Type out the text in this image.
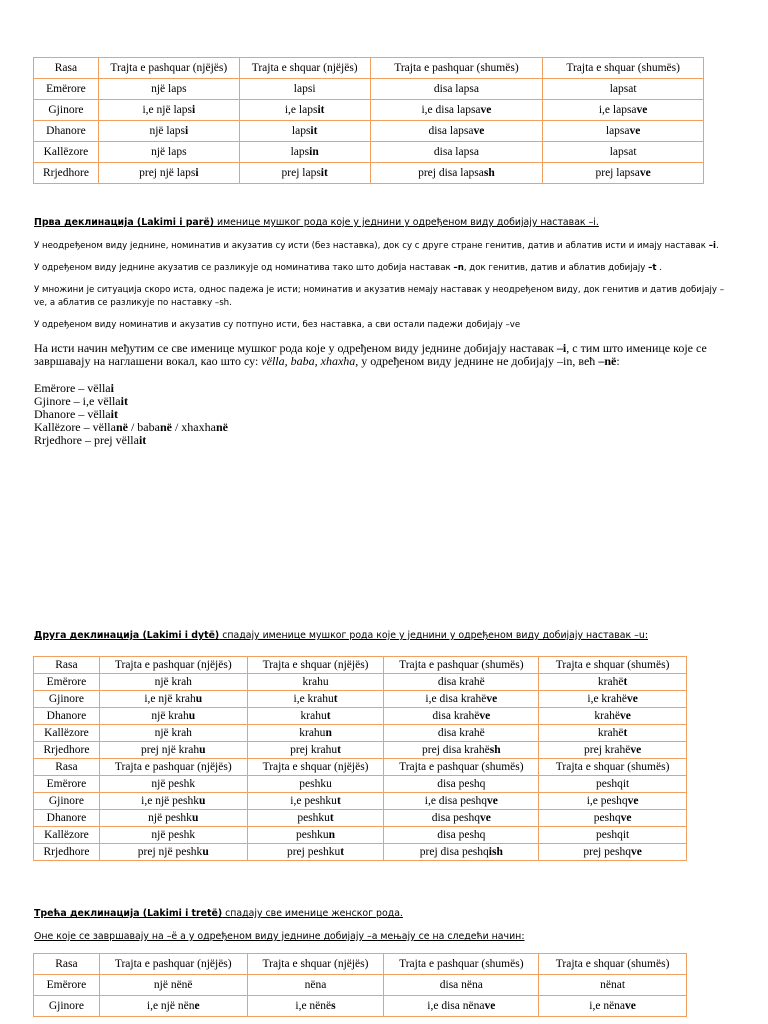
Rasa	Trajta e pashquar (njëjës)	Trajta e shquar (njëjës)	Trajta e pashquar (shumës)	Trajta e shquar (shumës)
Emërore	një laps	lapsi	disa lapsa	lapsat
Gjinore	i,e një lapsi	i,e lapsit	i,e disa lapsave	i,e lapsave
Dhanore	një lapsi	lapsit	disa lapsave	lapsave
Kallëzore	një laps	lapsin	disa lapsa	lapsat
Rrjedhore	prej një lapsi	prej lapsit	prej disa lapsash	prej lapsave
Прва деклинација (Lakimi i parë) именице мушког рода које у једнини у одређеном виду добијају наставак –i.
У неодређеном виду једнине, номинатив и акузатив су исти (без наставка), док су с друге стране генитив, датив и аблатив исти и имају наставак –i.
У одређеном виду једнине акузатив се разликује од номинатива тако што добија наставак –n, док генитив, датив и аблатив добијају –t .
У множини је ситуација скоро иста, однос падежа је исти; номинатив и акузатив немају наставак у неодређеном виду, док генитив и датив добијају –ve, а аблатив се разликује по наставку –sh.
У одређеном виду номинатив и акузатив су потпуно исти, без наставка, а сви остали падежи добијају –ve
На исти начин међутим се све именице мушког рода које у одређеном виду једнине добијају наставак –i, с тим што именице које се завршавају на наглашени вокал, као што су: vëlla, baba, xhaxha, у одређеном виду једнине не добијају –in, већ –në:
Emërore – vëllai
Gjinore – i,e vëllait
Dhanore – vëllait
Kallëzore – vëllanë / babanë / xhaxhanë
Rrjedhore – prej vëllait
Друга деклинација (Lakimi i dytë) спадају именице мушког рода које у једнини у одређеном виду добијају наставак –u:
Rasa	Trajta e pashquar (njëjës)	Trajta e shquar (njëjës)	Trajta e pashquar (shumës)	Trajta e shquar (shumës)
Emërore	një krah	krahu	disa krahë	krahët
Gjinore	i,e një krahu	i,e krahut	i,e disa krahëve	i,e krahëve
Dhanore	një krahu	krahut	disa krahëve	krahëve
Kallëzore	një krah	krahun	disa krahë	krahët
Rrjedhore	prej një krahu	prej krahut	prej disa krahësh	prej krahëve
Rasa	Trajta e pashquar (njëjës)	Trajta e shquar (njëjës)	Trajta e pashquar (shumës)	Trajta e shquar (shumës)
Emërore	një peshk	peshku	disa peshq	peshqit
Gjinore	i,e një peshku	i,e peshkut	i,e disa peshqve	i,e peshqve
Dhanore	një peshku	peshkut	disa peshqve	peshqve
Kallëzore	një peshk	peshkun	disa peshq	peshqit
Rrjedhore	prej një peshku	prej peshkut	prej disa peshqish	prej peshqve
Трећа деклинација (Lakimi i tretë) спадају све именице женског рода.
Оне које се завршавају на –ë а у одређеном виду једнине добијају –a мењају се на следећи начин:
Rasa	Trajta e pashquar (njëjës)	Trajta e shquar (njëjës)	Trajta e pashquar (shumës)	Trajta e shquar (shumës)
Emërore	një nënë	nëna	disa nëna	nënat
Gjinore	i,e një nëne	i,e nënës	i,e disa nënave	i,e nënave
